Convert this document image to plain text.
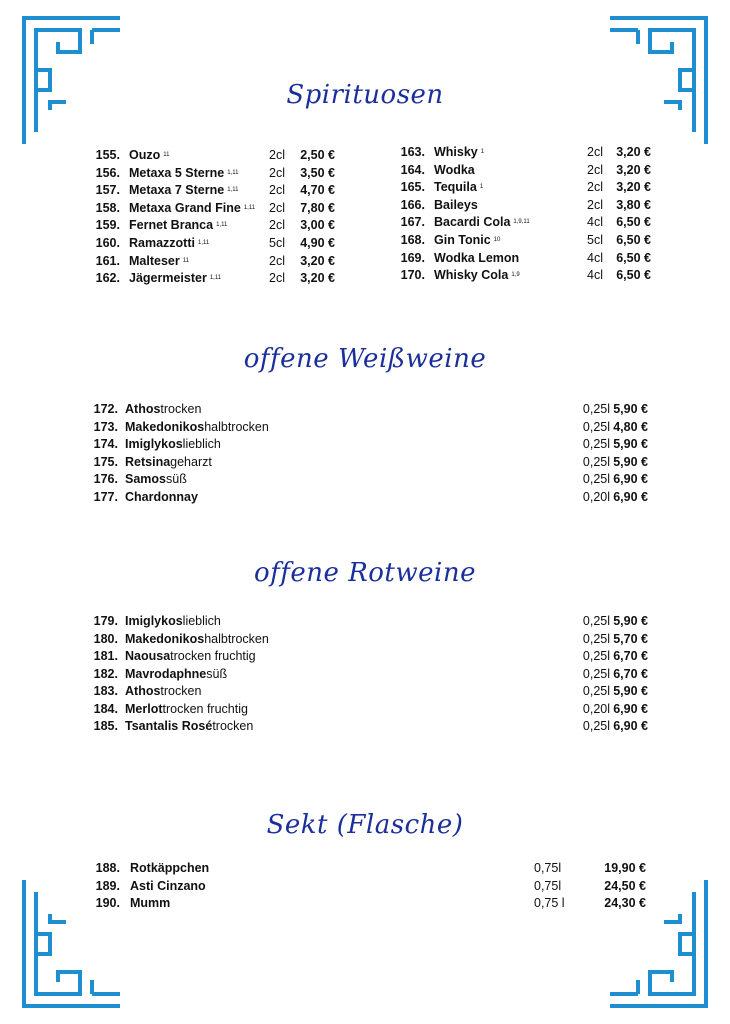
Spirituosen
155. Ouzo 11	2cl	2,50 €
156. Metaxa 5 Sterne 1,11	2cl	3,50 €
157. Metaxa 7 Sterne 1,11	2cl	4,70 €
158. Metaxa Grand Fine 1,11	2cl	7,80 €
159. Fernet Branca 1,11	2cl	3,00 €
160. Ramazzotti 1,11	5cl	4,90 €
161. Malteser 11	2cl	3,20 €
162. Jägermeister 1,11	2cl	3,20 €
163. Whisky 1	2cl	3,20 €
164. Wodka	2cl	3,20 €
165. Tequila 1	2cl	3,20 €
166. Baileys	2cl	3,80 €
167. Bacardi Cola 1,9,11	4cl	6,50 €
168. Gin Tonic 10	5cl	6,50 €
169. Wodka Lemon	4cl	6,50 €
170. Whisky Cola 1,9	4cl	6,50 €
offene Weißweine
172. Athos trocken	0,25l 5,90 €
173. Makedonikos halbtrocken	0,25l 4,80 €
174. Imiglykos lieblich	0,25l 5,90 €
175. Retsina geharzt	0,25l 5,90 €
176. Samos süß	0,25l 6,90 €
177. Chardonnay	0,20l 6,90 €
offene Rotweine
179. Imiglykos lieblich	0,25l 5,90 €
180. Makedonikos halbtrocken	0,25l 5,70 €
181. Naousa trocken fruchtig	0,25l 6,70 €
182. Mavrodaphne süß	0,25l 6,70 €
183. Athos trocken	0,25l 5,90 €
184. Merlot trocken fruchtig	0,20l 6,90 €
185. Tsantalis Rosé trocken	0,25l 6,90 €
Sekt (Flasche)
188. Rotkäppchen	0,75l	19,90 €
189. Asti Cinzano	0,75l	24,50 €
190. Mumm	0,75 l	24,30 €
